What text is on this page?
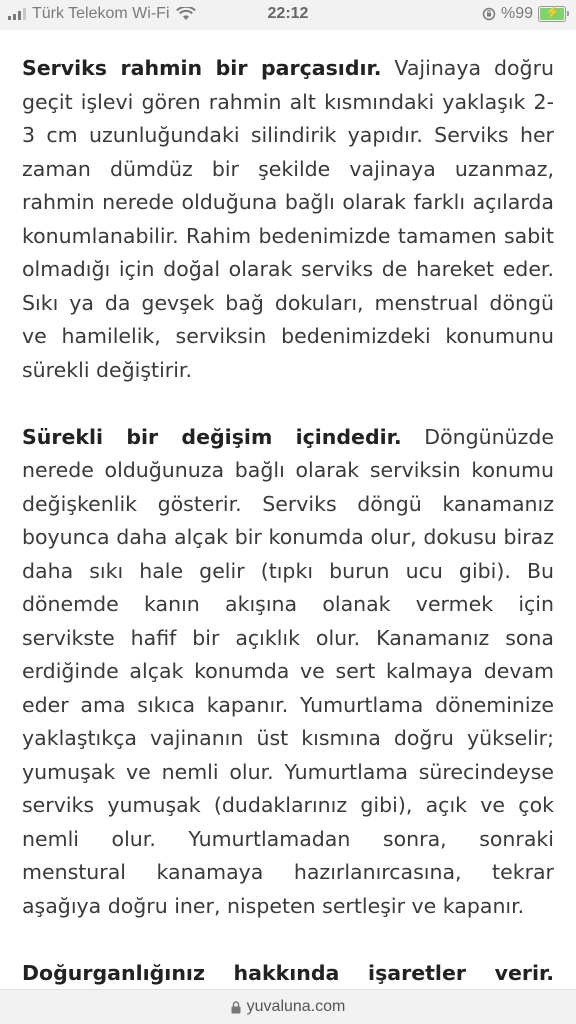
Türk Telekom Wi-Fi	22:12	%99 ⚡

Serviks rahmin bir parçasıdır. Vajinaya doğru geçit işlevi gören rahmin alt kısmındaki yaklaşık 2-3 cm uzunluğundaki silindirik yapıdır. Serviks her zaman dümdüz bir şekilde vajinaya uzanmaz, rahmin nerede olduğuna bağlı olarak farklı açılarda konumlanabilir. Rahim bedenimizde tamamen sabit olmadığı için doğal olarak serviks de hareket eder. Sıkı ya da gevşek bağ dokuları, menstrual döngü ve hamilelik, serviksin bedenimizdeki konumunu sürekli değiştirir.

Sürekli bir değişim içindedir. Döngünüzde nerede olduğunuza bağlı olarak serviksin konumu değişkenlik gösterir. Serviks döngü kanamanız boyunca daha alçak bir konumda olur, dokusu biraz daha sıkı hale gelir (tıpkı burun ucu gibi). Bu dönemde kanın akışına olanak vermek için servikste hafif bir açıklık olur. Kanamanız sona erdiğinde alçak konumda ve sert kalmaya devam eder ama sıkıca kapanır. Yumurtlama döneminize yaklaştıkça vajinanın üst kısmına doğru yükselir; yumuşak ve nemli olur. Yumurtlama sürecindeyse serviks yumuşak (dudaklarınız gibi), açık ve çok nemli olur. Yumurtlamadan sonra, sonraki menstural kanamaya hazırlanırcasına, tekrar aşağıya doğru iner, nispeten sertleşir ve kapanır.

Doğurganlığınız hakkında işaretler verir.

yuvaluna.com
